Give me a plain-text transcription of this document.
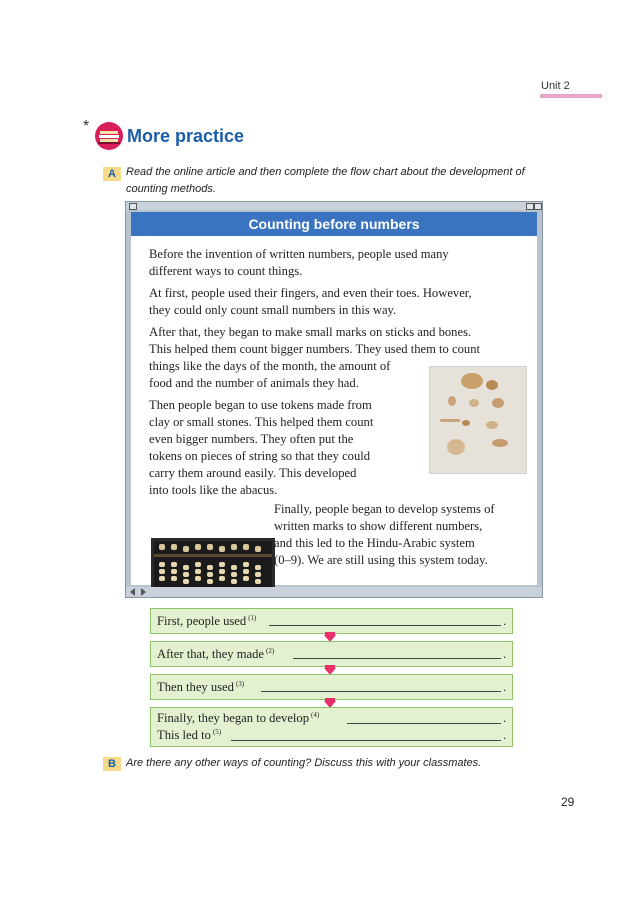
Unit 2
* More practice
A Read the online article and then complete the flow chart about the development of
counting methods.
Counting before numbers
Before the invention of written numbers, people used many
different ways to count things.
At first, people used their fingers, and even their toes. However,
they could only count small numbers in this way.
After that, they began to make small marks on sticks and bones.
This helped them count bigger numbers. They used them to count
things like the days of the month, the amount of
food and the number of animals they had.
Then people began to use tokens made from
clay or small stones. This helped them count
even bigger numbers. They often put the
tokens on pieces of string so that they could
carry them around easily. This developed
into tools like the abacus.
Finally, people began to develop systems of
written marks to show different numbers,
and this led to the Hindu-Arabic system
(0–9). We are still using this system today.
First, people used $^{(1)}$	.
After that, they made $^{(2)}$	.
Then they used $^{(3)}$	.
Finally, they began to develop $^{(4)}$	.
This led to $^{(5)}$	.
B Are there any other ways of counting? Discuss this with your classmates.
29
